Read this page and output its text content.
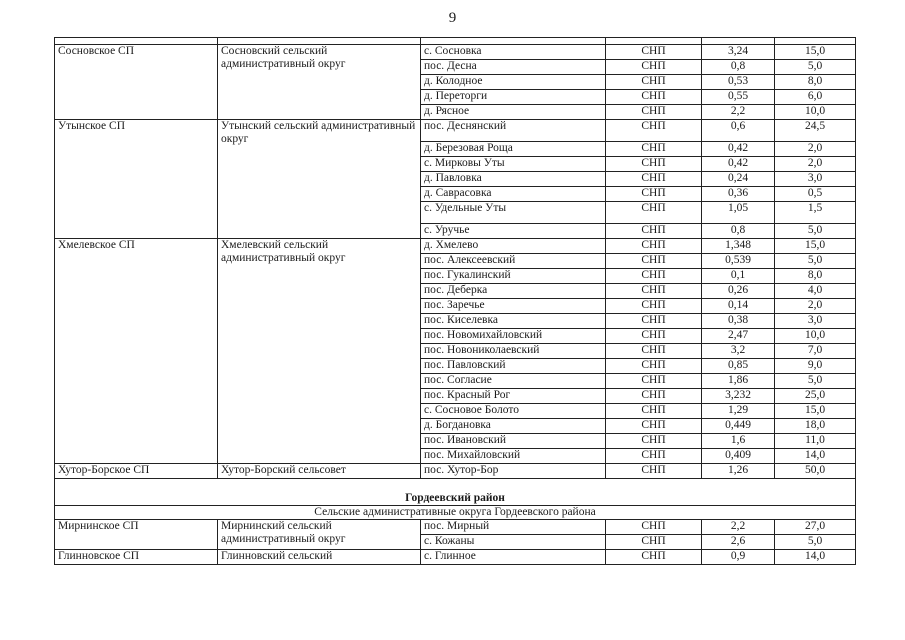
9

Сосновское СП	Сосновский сельский административный округ	с. Сосновка	СНП	3,24	15,0
		пос. Десна	СНП	0,8	5,0
		д. Колодное	СНП	0,53	8,0
		д. Переторги	СНП	0,55	6,0
		д. Рясное	СНП	2,2	10,0
Утынское СП	Утынский сельский административный округ	пос. Деснянский	СНП	0,6	24,5
		д. Березовая Роща	СНП	0,42	2,0
		с. Мирковы Уты	СНП	0,42	2,0
		д. Павловка	СНП	0,24	3,0
		д. Саврасовка	СНП	0,36	0,5
		с. Удельные Уты	СНП	1,05	1,5
		с. Уручье	СНП	0,8	5,0
Хмелевское СП	Хмелевский сельский административный округ	д. Хмелево	СНП	1,348	15,0
		пос. Алексеевский	СНП	0,539	5,0
		пос. Гукалинский	СНП	0,1	8,0
		пос. Деберка	СНП	0,26	4,0
		пос. Заречье	СНП	0,14	2,0
		пос. Киселевка	СНП	0,38	3,0
		пос. Новомихайловский	СНП	2,47	10,0
		пос. Новониколаевский	СНП	3,2	7,0
		пос. Павловский	СНП	0,85	9,0
		пос. Согласие	СНП	1,86	5,0
		пос. Красный Рог	СНП	3,232	25,0
		с. Сосновое Болото	СНП	1,29	15,0
		д. Богдановка	СНП	0,449	18,0
		пос. Ивановский	СНП	1,6	11,0
		пос. Михайловский	СНП	0,409	14,0
Хутор-Борское СП	Хутор-Борский сельсовет	пос. Хутор-Бор	СНП	1,26	50,0

Гордеевский район					
Сельские административные округа Гордеевского района					
Мирнинское СП	Мирнинский сельский административный округ	пос. Мирный	СНП	2,2	27,0
		с. Кожаны	СНП	2,6	5,0
Глинновское СП	Глинновский сельский	с. Глинное	СНП	0,9	14,0
